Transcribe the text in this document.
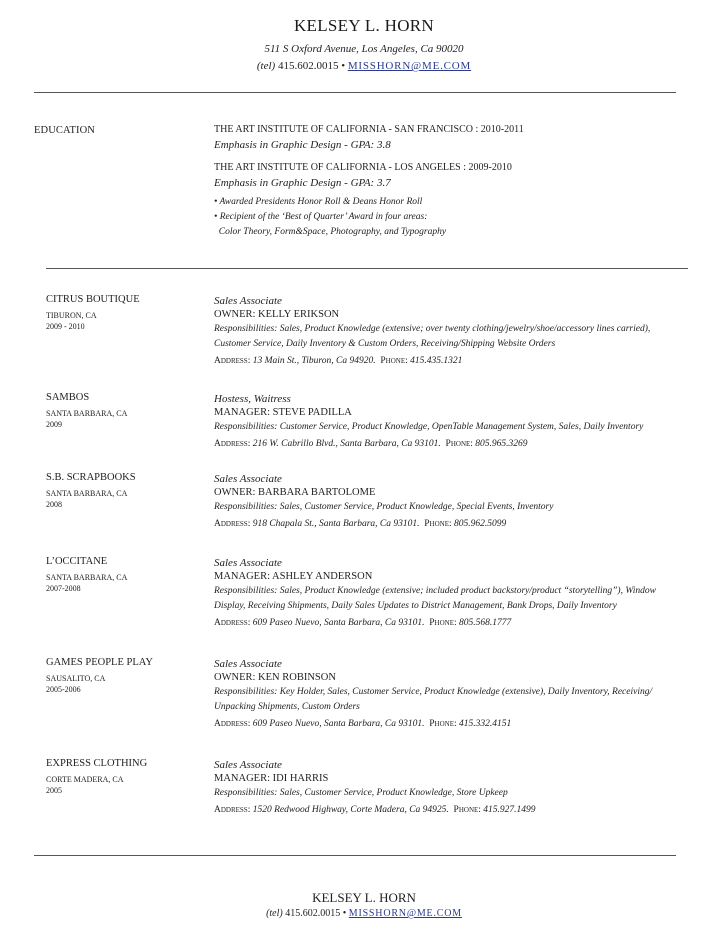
KELSEY L. HORN
511 S Oxford Avenue, Los Angeles, Ca 90020
(tel) 415.602.0015 • MISSHORN@ME.COM
EDUCATION	THE ART INSTITUTE OF CALIFORNIA - SAN FRANCISCO : 2010-2011
Emphasis in Graphic Design - GPA: 3.8
THE ART INSTITUTE OF CALIFORNIA - LOS ANGELES : 2009-2010
Emphasis in Graphic Design - GPA: 3.7
• Awarded Presidents Honor Roll & Deans Honor Roll
• Recipient of the ‘Best of Quarter’ Award in four areas:
Color Theory, Form&Space, Photography, and Typography
CITRUS BOUTIQUE
TIBURON, CA
2009 - 2010
Sales Associate
OWNER: KELLY ERIKSON
Responsibilities: Sales, Product Knowledge (extensive; over twenty clothing/jewelry/shoe/accessory lines carried),
Customer Service, Daily Inventory & Custom Orders, Receiving/Shipping Website Orders
Address: 13 Main St., Tiburon, Ca 94920. Phone: 415.435.1321
SAMBOS
SANTA BARBARA, CA
2009
Hostess, Waitress
MANAGER: STEVE PADILLA
Responsibilities: Customer Service, Product Knowledge, OpenTable Management System, Sales, Daily Inventory
Address: 216 W. Cabrillo Blvd., Santa Barbara, Ca 93101. Phone: 805.965.3269
S.B. SCRAPBOOKS
SANTA BARBARA, CA
2008
Sales Associate
OWNER: BARBARA BARTOLOME
Responsibilities: Sales, Customer Service, Product Knowledge, Special Events, Inventory
Address: 918 Chapala St., Santa Barbara, Ca 93101. Phone: 805.962.5099
L’OCCITANE
SANTA BARBARA, CA
2007-2008
Sales Associate
MANAGER: ASHLEY ANDERSON
Responsibilities: Sales, Product Knowledge (extensive; included product backstory/product “storytelling”), Window
Display, Receiving Shipments, Daily Sales Updates to District Management, Bank Drops, Daily Inventory
Address: 609 Paseo Nuevo, Santa Barbara, Ca 93101. Phone: 805.568.1777
GAMES PEOPLE PLAY
SAUSALITO, CA
2005-2006
Sales Associate
OWNER: KEN ROBINSON
Responsibilities: Key Holder, Sales, Customer Service, Product Knowledge (extensive), Daily Inventory, Receiving/
Unpacking Shipments, Custom Orders
Address: 609 Paseo Nuevo, Santa Barbara, Ca 93101. Phone: 415.332.4151
EXPRESS CLOTHING
CORTE MADERA, CA
2005
Sales Associate
MANAGER: IDI HARRIS
Responsibilities: Sales, Customer Service, Product Knowledge, Store Upkeep
Address: 1520 Redwood Highway, Corte Madera, Ca 94925. Phone: 415.927.1499
KELSEY L. HORN
(tel) 415.602.0015 • MISSHORN@ME.COM
